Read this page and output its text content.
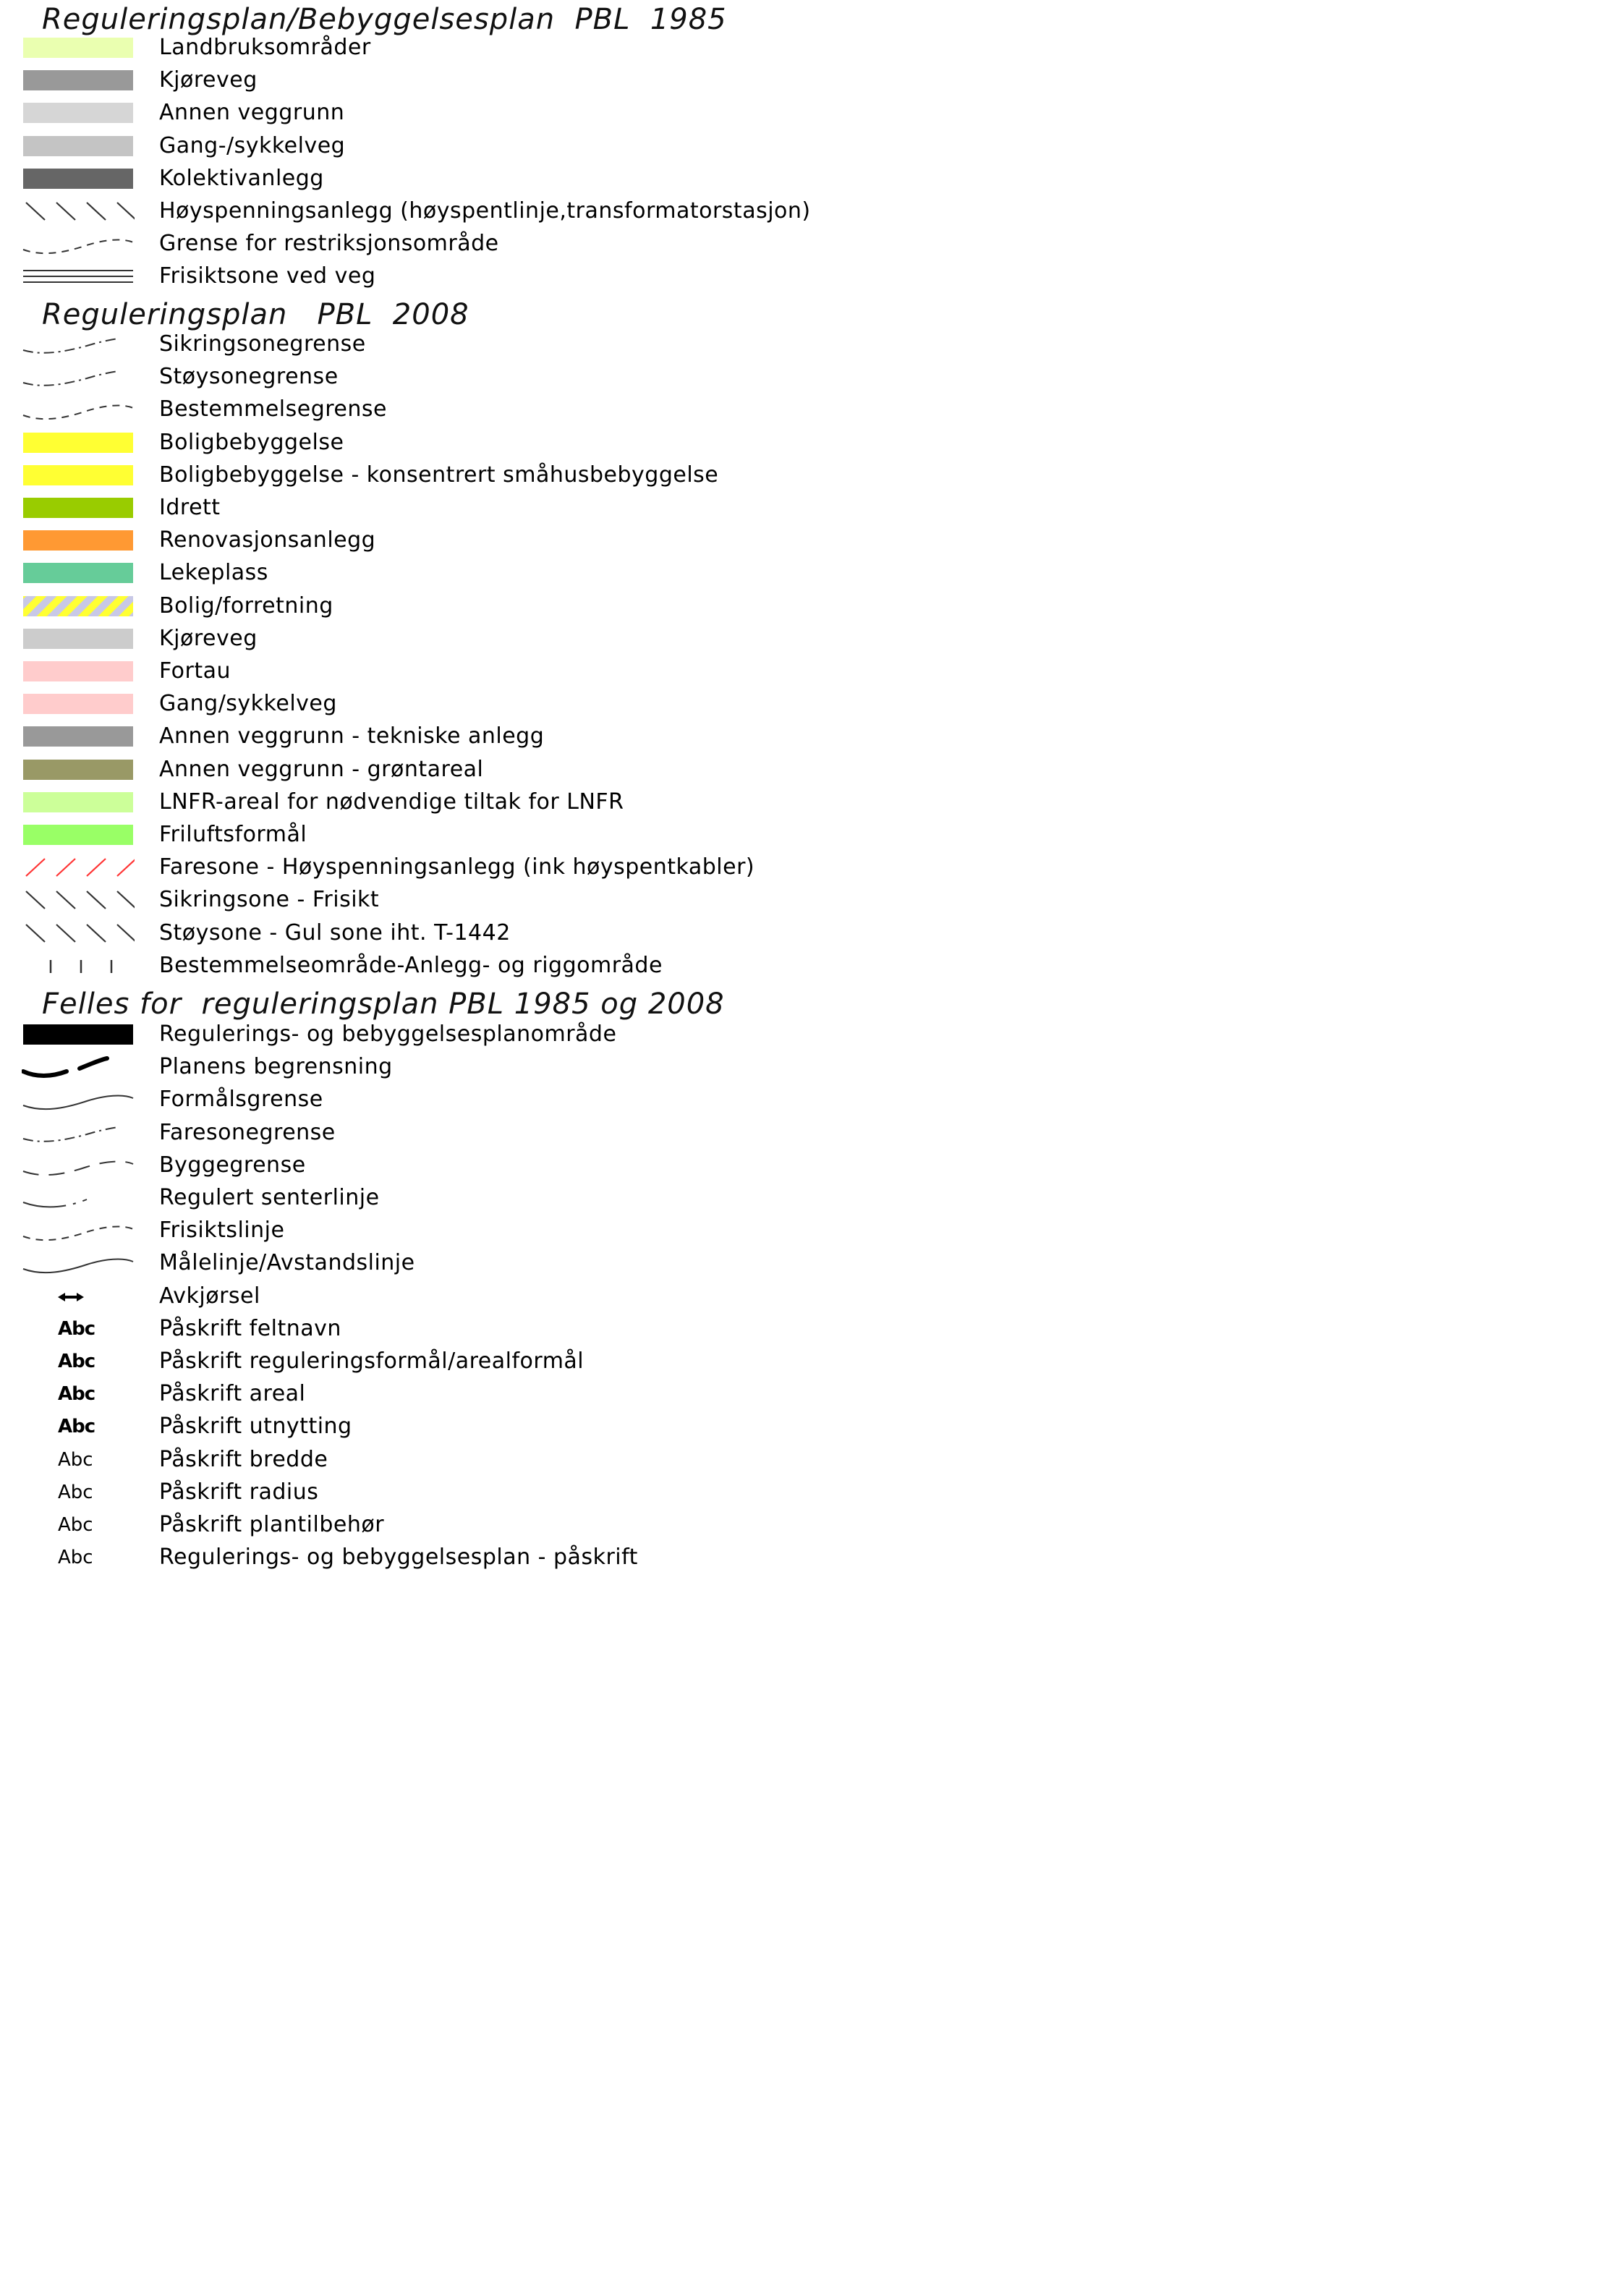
Reguleringsplan/Bebyggelsesplan  PBL  1985
Landbruksområder
Kjøreveg
Annen veggrunn
Gang-/sykkelveg
Kolektivanlegg
Høyspenningsanlegg (høyspentlinje,transformatorstasjon)
Grense for restriksjonsområde
Frisiktsone ved veg
Reguleringsplan   PBL  2008
Sikringsonegrense
Støysonegrense
Bestemmelsegrense
Boligbebyggelse
Boligbebyggelse - konsentrert småhusbebyggelse
Idrett
Renovasjonsanlegg
Lekeplass
Bolig/forretning
Kjøreveg
Fortau
Gang/sykkelveg
Annen veggrunn - tekniske anlegg
Annen veggrunn - grøntareal
LNFR-areal for nødvendige tiltak for LNFR
Friluftsformål
Faresone - Høyspenningsanlegg (ink høyspentkabler)
Sikringsone - Frisikt
Støysone - Gul sone iht. T-1442
Bestemmelseområde-Anlegg- og riggområde
Felles for  reguleringsplan PBL 1985 og 2008
Regulerings- og bebyggelsesplanområde
Planens begrensning
Formålsgrense
Faresonegrense
Byggegrense
Regulert senterlinje
Frisiktslinje
Målelinje/Avstandslinje
Avkjørsel
Abc	Påskrift feltnavn
Abc	Påskrift reguleringsformål/arealformål
Abc	Påskrift areal
Abc	Påskrift utnytting
Abc	Påskrift bredde
Abc	Påskrift radius
Abc	Påskrift plantilbehør
Abc	Regulerings- og bebyggelsesplan - påskrift
